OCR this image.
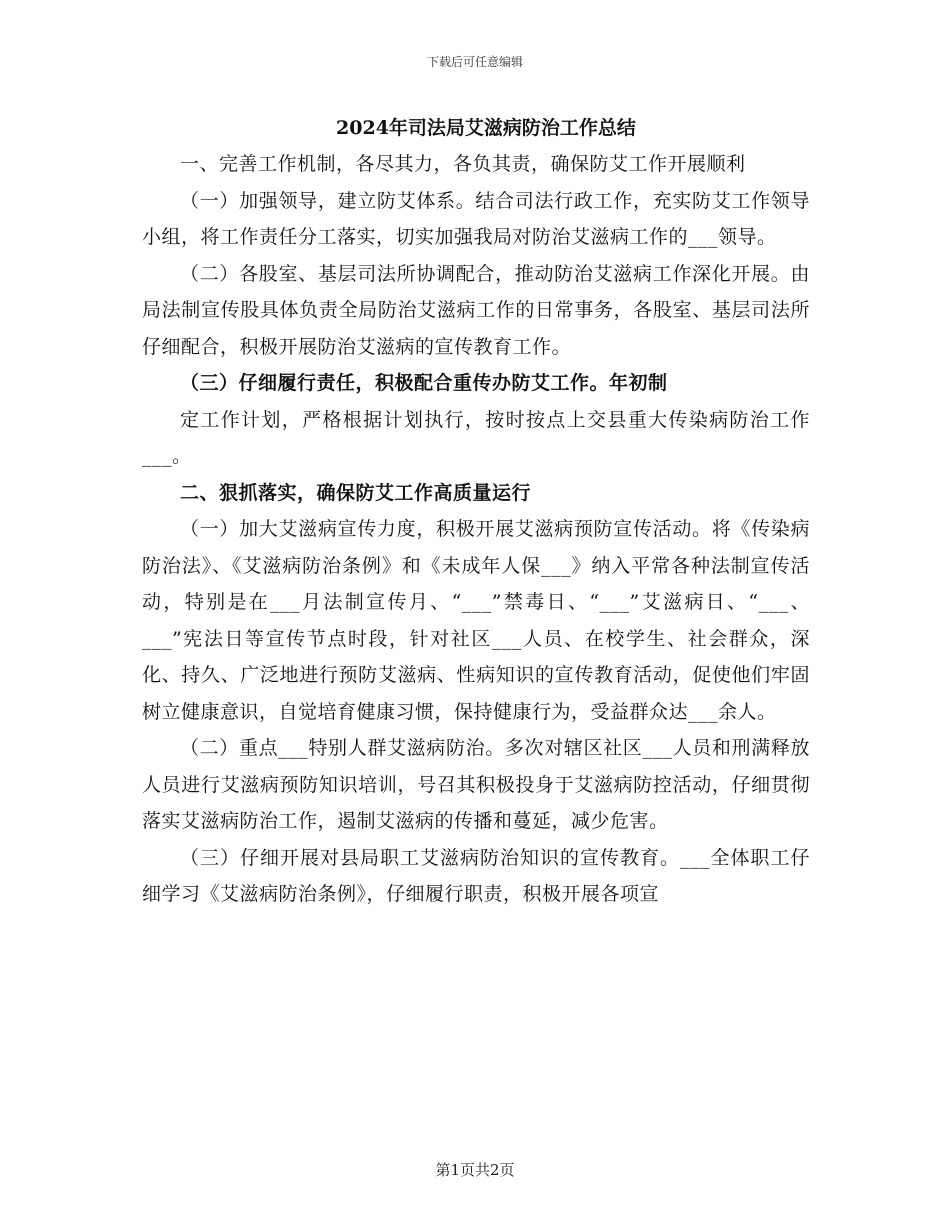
下载后可任意编辑
2024年司法局艾滋病防治工作总结

一、完善工作机制，各尽其力，各负其责，确保防艾工作开展顺利

（一）加强领导，建立防艾体系。结合司法行政工作，充实防艾工作领导小组，将工作责任分工落实，切实加强我局对防治艾滋病工作的___领导。

（二）各股室、基层司法所协调配合，推动防治艾滋病工作深化开展。由局法制宣传股具体负责全局防治艾滋病工作的日常事务，各股室、基层司法所仔细配合，积极开展防治艾滋病的宣传教育工作。

（三）仔细履行责任，积极配合重传办防艾工作。年初制

定工作计划，严格根据计划执行，按时按点上交县重大传染病防治工作___。

二、狠抓落实，确保防艾工作高质量运行

（一）加大艾滋病宣传力度，积极开展艾滋病预防宣传活动。将《传染病防治法》、《艾滋病防治条例》和《未成年人保___》纳入平常各种法制宣传活动，特别是在___月法制宣传月、“___”禁毒日、“___”艾滋病日、“___、___”宪法日等宣传节点时段，针对社区___人员、在校学生、社会群众，深化、持久、广泛地进行预防艾滋病、性病知识的宣传教育活动，促使他们牢固树立健康意识，自觉培育健康习惯，保持健康行为，受益群众达___余人。

（二）重点___特别人群艾滋病防治。多次对辖区社区___人员和刑满释放人员进行艾滋病预防知识培训，号召其积极投身于艾滋病防控活动，仔细贯彻落实艾滋病防治工作，遏制艾滋病的传播和蔓延，减少危害。

（三）仔细开展对县局职工艾滋病防治知识的宣传教育。___全体职工仔细学习《艾滋病防治条例》，仔细履行职责，积极开展各项宣

第1页共2页
